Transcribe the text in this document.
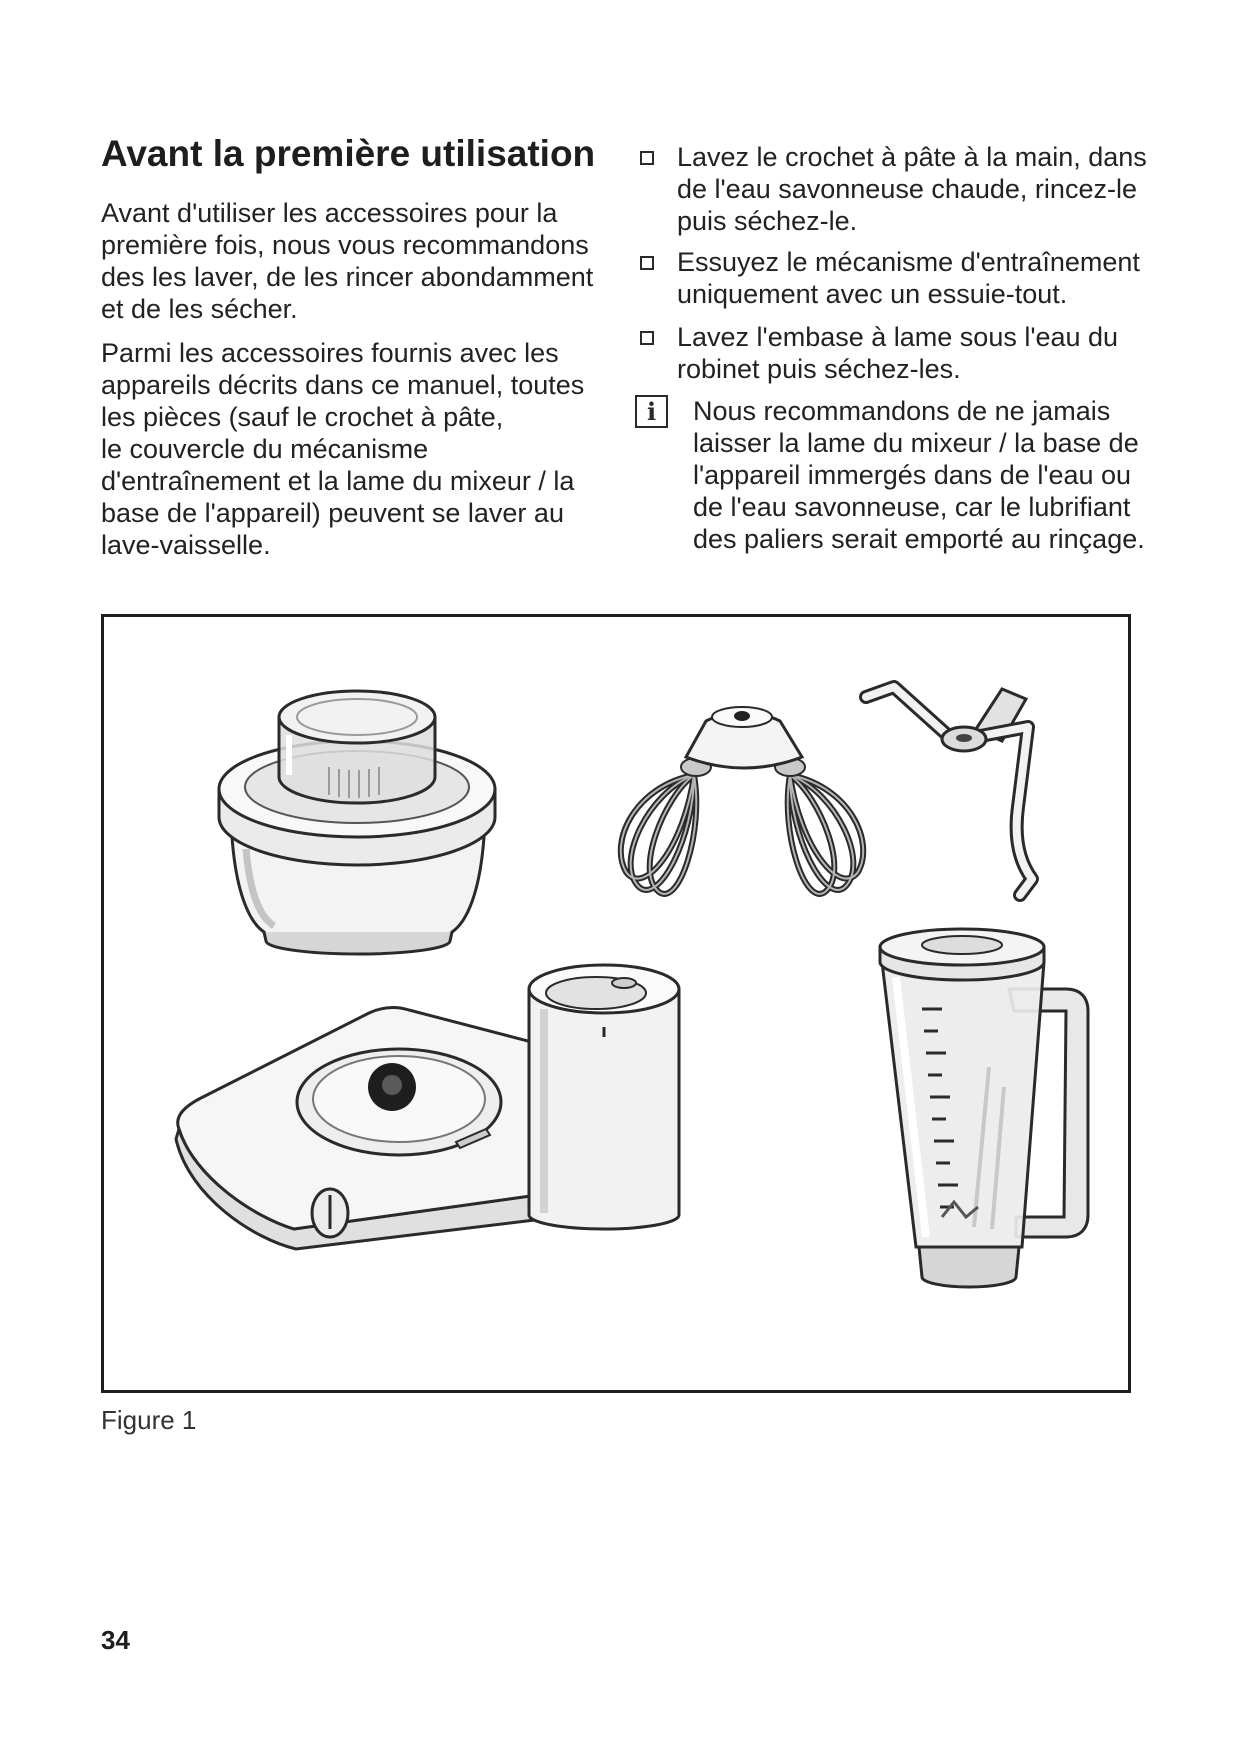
Avant la première utilisation

Avant d'utiliser les accessoires pour la
première fois, nous vous recommandons
des les laver, de les rincer abondamment
et de les sécher.

Parmi les accessoires fournis avec les
appareils décrits dans ce manuel, toutes
les pièces (sauf le crochet à pâte,
le couvercle du mécanisme
d'entraînement et la lame du mixeur / la
base de l'appareil) peuvent se laver au
lave-vaisselle.

Lavez le crochet à pâte à la main, dans
de l'eau savonneuse chaude, rincez-le
puis séchez-le.
Essuyez le mécanisme d'entraînement
uniquement avec un essuie-tout.
Lavez l'embase à lame sous l'eau du
robinet puis séchez-les.
i	Nous recommandons de ne jamais
laisser la lame du mixeur / la base de
l'appareil immergés dans de l'eau ou
de l'eau savonneuse, car le lubrifiant
des paliers serait emporté au rinçage.
Figure 1
34
